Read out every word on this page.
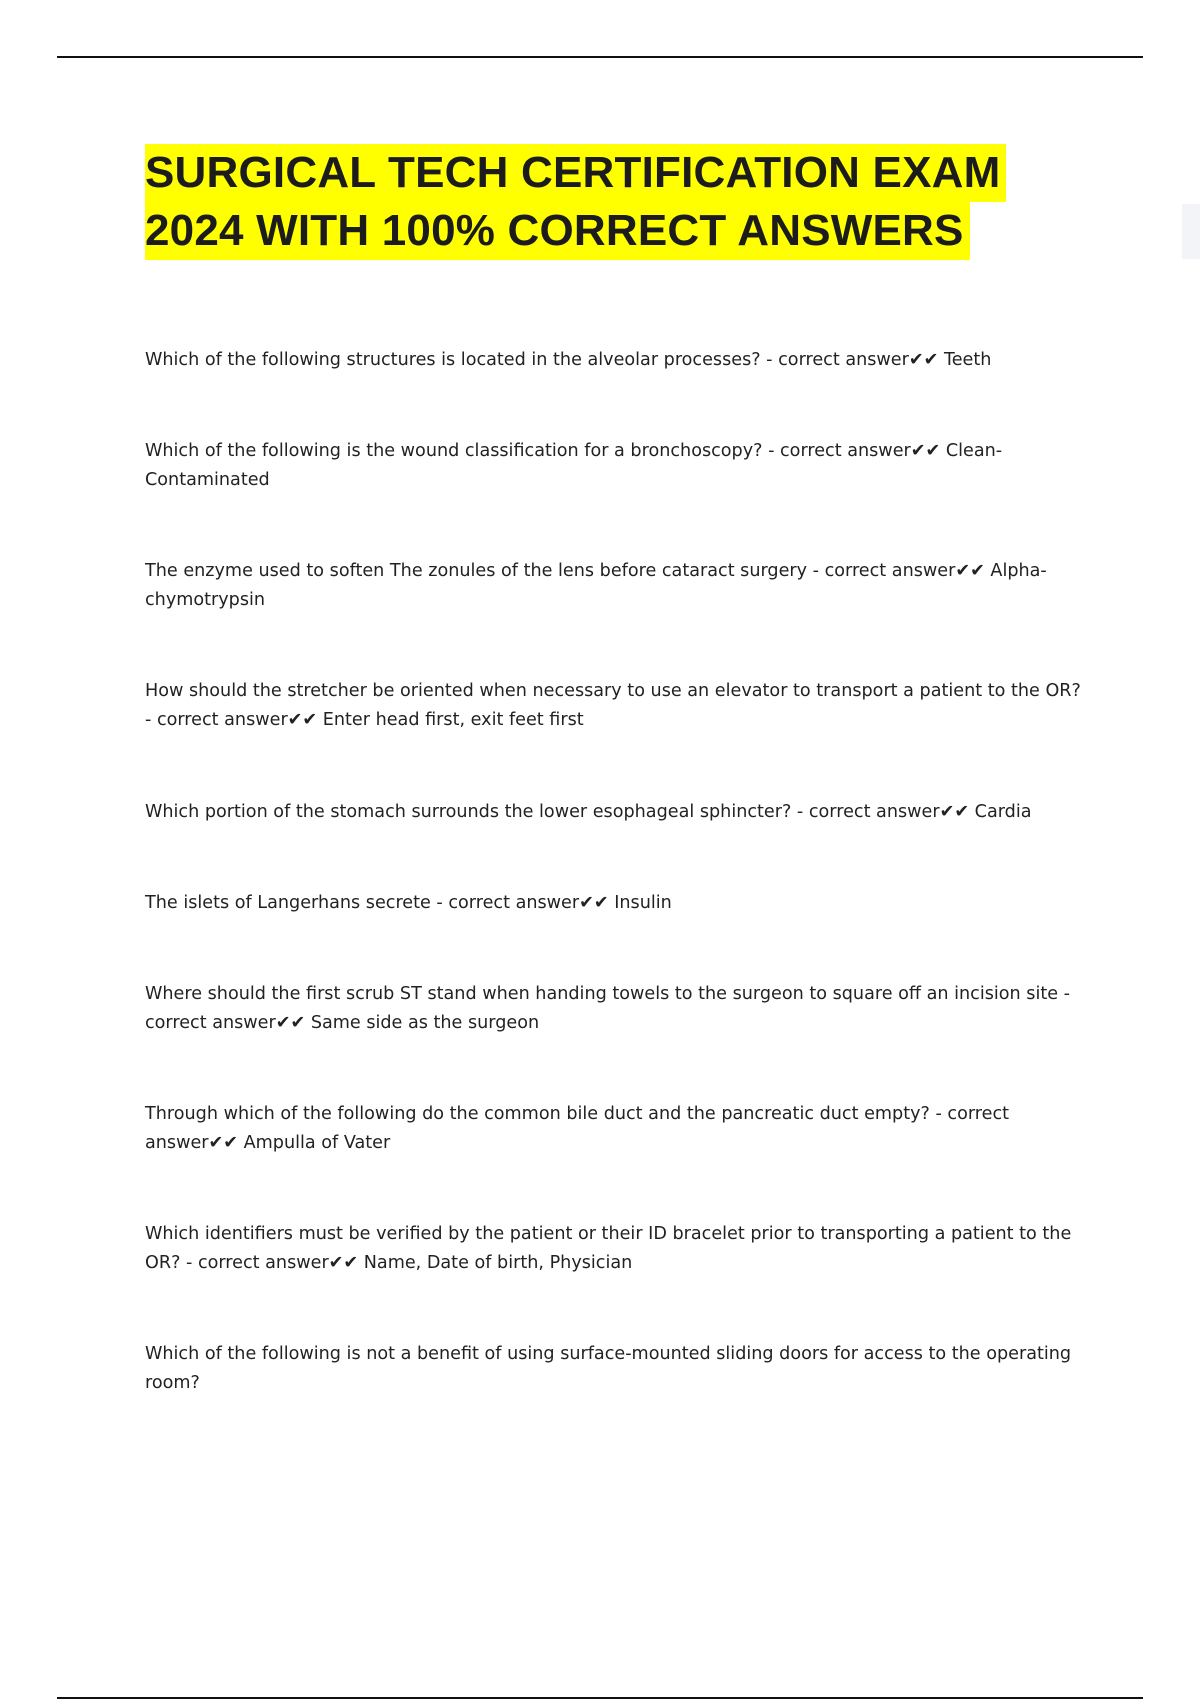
SURGICAL TECH CERTIFICATION EXAM
2024 WITH 100% CORRECT ANSWERS

Which of the following structures is located in the alveolar processes? - correct answer✔✔ Teeth

Which of the following is the wound classification for a bronchoscopy? - correct answer✔✔ Clean-Contaminated

The enzyme used to soften The zonules of the lens before cataract surgery - correct answer✔✔ Alpha-chymotrypsin

How should the stretcher be oriented when necessary to use an elevator to transport a patient to the OR? - correct answer✔✔ Enter head first, exit feet first

Which portion of the stomach surrounds the lower esophageal sphincter? - correct answer✔✔ Cardia

The islets of Langerhans secrete - correct answer✔✔ Insulin

Where should the first scrub ST stand when handing towels to the surgeon to square off an incision site - correct answer✔✔ Same side as the surgeon

Through which of the following do the common bile duct and the pancreatic duct empty? - correct answer✔✔ Ampulla of Vater

Which identifiers must be verified by the patient or their ID bracelet prior to transporting a patient to the OR? - correct answer✔✔ Name, Date of birth, Physician

Which of the following is not a benefit of using surface-mounted sliding doors for access to the operating room?
